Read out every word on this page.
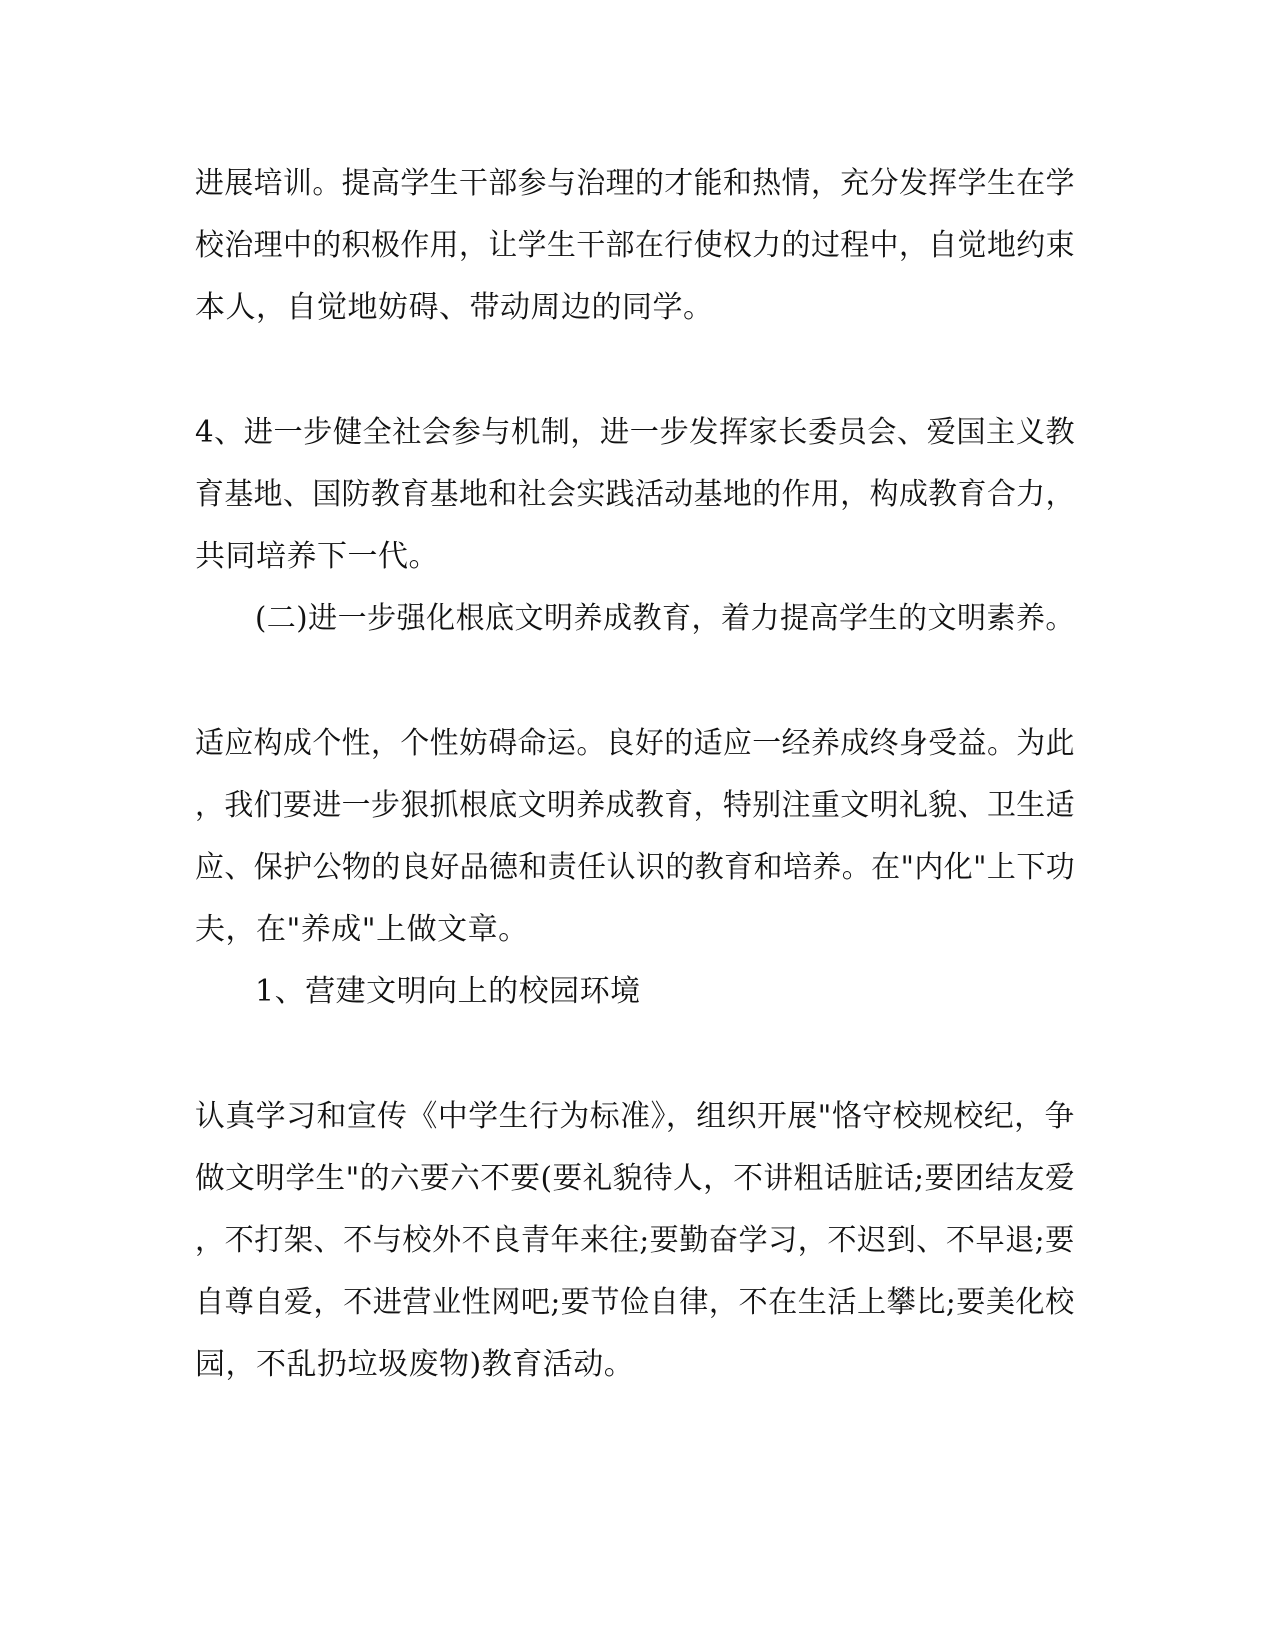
进展培训。提高学生干部参与治理的才能和热情，充分发挥学生在学
校治理中的积极作用，让学生干部在行使权力的过程中，自觉地约束
本人，自觉地妨碍、带动周边的同学。
4、进一步健全社会参与机制，进一步发挥家长委员会、爱国主义教
育基地、国防教育基地和社会实践活动基地的作用，构成教育合力，
共同培养下一代。
(二)进一步强化根底文明养成教育，着力提高学生的文明素养。
适应构成个性，个性妨碍命运。良好的适应一经养成终身受益。为此
，我们要进一步狠抓根底文明养成教育，特别注重文明礼貌、卫生适
应、保护公物的良好品德和责任认识的教育和培养。在"内化"上下功
夫，在"养成"上做文章。
1、营建文明向上的校园环境
认真学习和宣传《中学生行为标准》，组织开展"恪守校规校纪，争
做文明学生"的六要六不要(要礼貌待人，不讲粗话脏话;要团结友爱
，不打架、不与校外不良青年来往;要勤奋学习，不迟到、不早退;要
自尊自爱，不进营业性网吧;要节俭自律，不在生活上攀比;要美化校
园，不乱扔垃圾废物)教育活动。
